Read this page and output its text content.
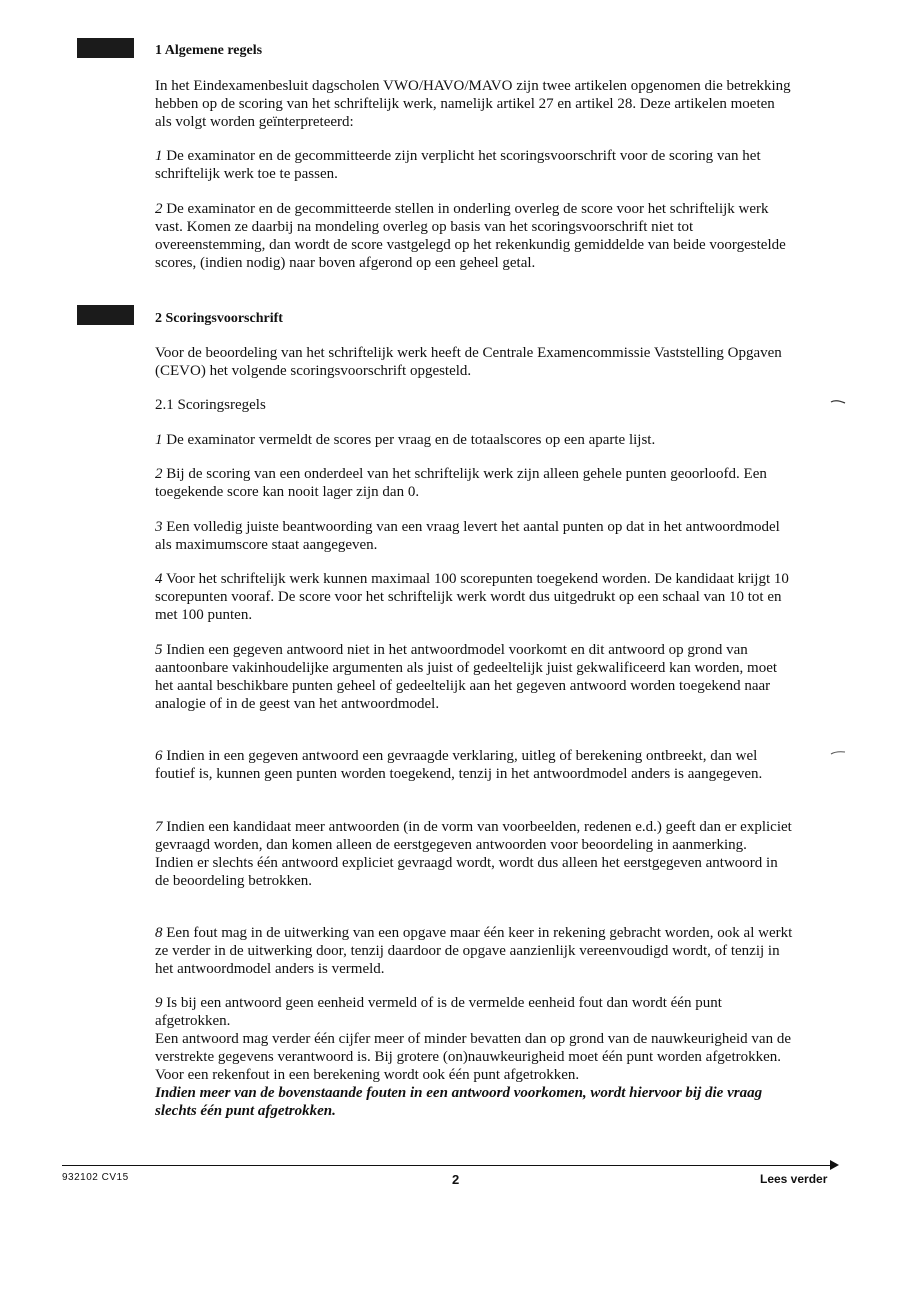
1 Algemene regels
In het Eindexamenbesluit dagscholen VWO/HAVO/MAVO zijn twee artikelen opgenomen die betrekking hebben op de scoring van het schriftelijk werk, namelijk artikel 27 en artikel 28. Deze artikelen moeten als volgt worden geïnterpreteerd:
1 De examinator en de gecommitteerde zijn verplicht het scoringsvoorschrift voor de scoring van het schriftelijk werk toe te passen.
2 De examinator en de gecommitteerde stellen in onderling overleg de score voor het schriftelijk werk vast. Komen ze daarbij na mondeling overleg op basis van het scoringsvoorschrift niet tot overeenstemming, dan wordt de score vastgelegd op het rekenkundig gemiddelde van beide voorgestelde scores, (indien nodig) naar boven afgerond op een geheel getal.
2 Scoringsvoorschrift
Voor de beoordeling van het schriftelijk werk heeft de Centrale Examencommissie Vaststelling Opgaven (CEVO) het volgende scoringsvoorschrift opgesteld.
2.1 Scoringsregels
1 De examinator vermeldt de scores per vraag en de totaalscores op een aparte lijst.
2 Bij de scoring van een onderdeel van het schriftelijk werk zijn alleen gehele punten geoorloofd. Een toegekende score kan nooit lager zijn dan 0.
3 Een volledig juiste beantwoording van een vraag levert het aantal punten op dat in het antwoordmodel als maximumscore staat aangegeven.
4 Voor het schriftelijk werk kunnen maximaal 100 scorepunten toegekend worden. De kandidaat krijgt 10 scorepunten vooraf. De score voor het schriftelijk werk wordt dus uitgedrukt op een schaal van 10 tot en met 100 punten.
5 Indien een gegeven antwoord niet in het antwoordmodel voorkomt en dit antwoord op grond van aantoonbare vakinhoudelijke argumenten als juist of gedeeltelijk juist gekwalificeerd kan worden, moet het aantal beschikbare punten geheel of gedeeltelijk aan het gegeven antwoord worden toegekend naar analogie of in de geest van het antwoordmodel.
6 Indien in een gegeven antwoord een gevraagde verklaring, uitleg of berekening ontbreekt, dan wel foutief is, kunnen geen punten worden toegekend, tenzij in het antwoordmodel anders is aangegeven.
7 Indien een kandidaat meer antwoorden (in de vorm van voorbeelden, redenen e.d.) geeft dan er expliciet gevraagd worden, dan komen alleen de eerstgegeven antwoorden voor beoordeling in aanmerking.
Indien er slechts één antwoord expliciet gevraagd wordt, wordt dus alleen het eerstgegeven antwoord in de beoordeling betrokken.
8 Een fout mag in de uitwerking van een opgave maar één keer in rekening gebracht worden, ook al werkt ze verder in de uitwerking door, tenzij daardoor de opgave aanzienlijk vereenvoudigd wordt, of tenzij in het antwoordmodel anders is vermeld.
9 Is bij een antwoord geen eenheid vermeld of is de vermelde eenheid fout dan wordt één punt afgetrokken.
Een antwoord mag verder één cijfer meer of minder bevatten dan op grond van de nauwkeurigheid van de verstrekte gegevens verantwoord is. Bij grotere (on)nauwkeurigheid moet één punt worden afgetrokken. Voor een rekenfout in een berekening wordt ook één punt afgetrokken.
Indien meer van de bovenstaande fouten in een antwoord voorkomen, wordt hiervoor bij die vraag slechts één punt afgetrokken.
932102 CV15	2	Lees verder
